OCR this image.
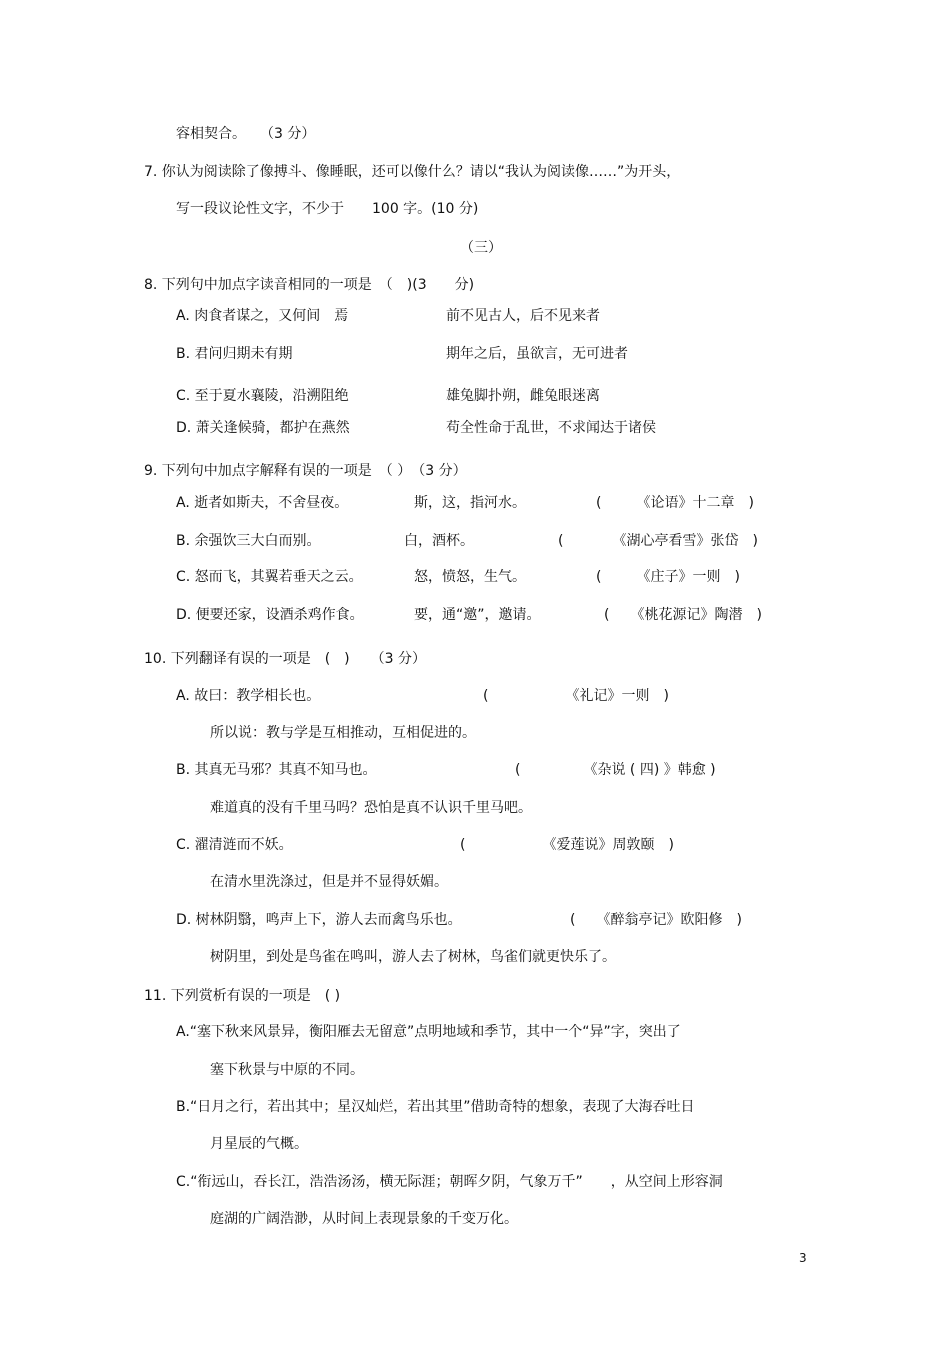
容相契合。　　（3 分）
7. 你认为阅读除了像搏斗、像睡眠，还可以像什么？请以“我认为阅读像……”为开头，
写一段议论性文字，不少于　　100 字。(10 分)
（三）
8. 下列句中加点字读音相同的一项是　（　)(3　　分)
A. 肉食者谋之，又何间　焉	前不见古人，后不见来者
B. 君问归期未有期	期年之后，虽欲言，无可进者
C. 至于夏水襄陵，沿溯阻绝	雄兔脚扑朔，雌兔眼迷离
D. 萧关逢候骑，都护在燕然	苟全性命于乱世，不求闻达于诸侯
9. 下列句中加点字解释有误的一项是　（ ）　（3 分）
A. 逝者如斯夫，不舍昼夜。	斯，这，指河水。	(　　　《论语》十二章　)
B. 余强饮三大白而别。	白，酒杯。	(　　　　《湖心亭看雪》张岱　)
C. 怒而飞，其翼若垂天之云。	怒，愤怒，生气。	(　　　《庄子》一则　)
D. 便要还家，设酒杀鸡作食。	要，通“邀”，邀请。	(　　《桃花源记》陶潜　)
10. 下列翻译有误的一项是　(　)　　（3 分）
A. 故曰：教学相长也。	(　　　　　　《礼记》一则　)
所以说：教与学是互相推动，互相促进的。
B. 其真无马邪？其真不知马也。	(　　　　　《杂说 ( 四) 》韩愈 )
难道真的没有千里马吗？恐怕是真不认识千里马吧。
C. 濯清涟而不妖。	(　　　　　　《爱莲说》周敦颐　)
在清水里洗涤过，但是并不显得妖媚。
D. 树林阴翳，鸣声上下，游人去而禽鸟乐也。	(　　《醉翁亭记》欧阳修　)
树阴里，到处是鸟雀在鸣叫，游人去了树林，鸟雀们就更快乐了。
11. 下列赏析有误的一项是　( )
A.“塞下秋来风景异，衡阳雁去无留意”点明地域和季节，其中一个“异”字，突出了
塞下秋景与中原的不同。
B.“日月之行，若出其中；星汉灿烂，若出其里”借助奇特的想象，表现了大海吞吐日
月星辰的气概。
C.“衔远山，吞长江，浩浩汤汤，横无际涯；朝晖夕阴，气象万千”　　，从空间上形容洞
庭湖的广阔浩渺，从时间上表现景象的千变万化。
3
